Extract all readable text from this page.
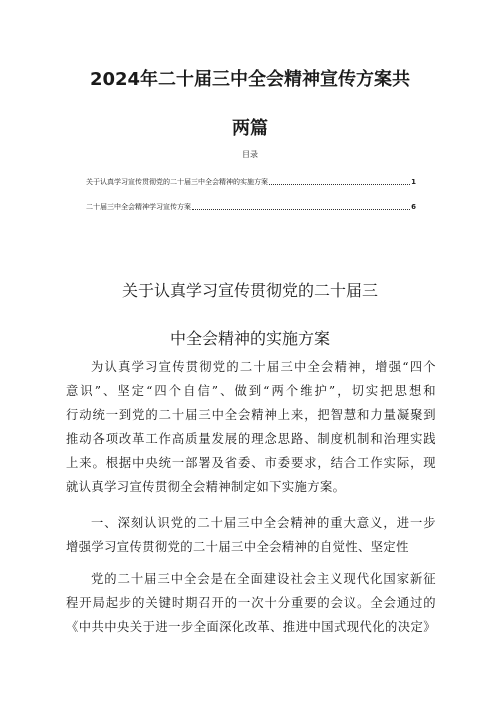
2024年二十届三中全会精神宣传方案共
两篇
目录
关于认真学习宣传贯彻党的二十届三中全会精神的实施方案	1
二十届三中全会精神学习宣传方案	6
关于认真学习宣传贯彻党的二十届三
中全会精神的实施方案
为认真学习宣传贯彻党的二十届三中全会精神，增强“四个
意识”、坚定“四个自信”、做到“两个维护”，切实把思想和
行动统一到党的二十届三中全会精神上来，把智慧和力量凝聚到
推动各项改革工作高质量发展的理念思路、制度机制和治理实践
上来。根据中央统一部署及省委、市委要求，结合工作实际，现
就认真学习宣传贯彻全会精神制定如下实施方案。
一、深刻认识党的二十届三中全会精神的重大意义，进一步
增强学习宣传贯彻党的二十届三中全会精神的自觉性、坚定性
党的二十届三中全会是在全面建设社会主义现代化国家新征
程开局起步的关键时期召开的一次十分重要的会议。全会通过的
《中共中央关于进一步全面深化改革、推进中国式现代化的决定》
